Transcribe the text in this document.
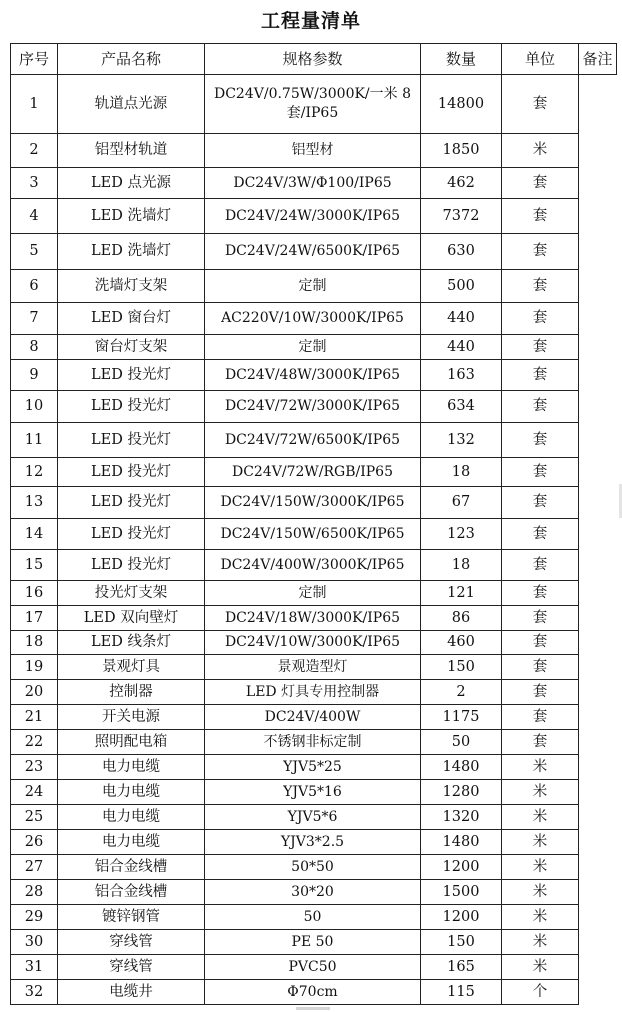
工程量清单
序号	产品名称	规格参数	数量	单位	备注
1	轨道点光源	DC24V/0.75W/3000K/一米 8套/IP65	14800	套	
2	铝型材轨道	铝型材	1850	米	
3	LED 点光源	DC24V/3W/Φ100/IP65	462	套	
4	LED 洗墙灯	DC24V/24W/3000K/IP65	7372	套	
5	LED 洗墙灯	DC24V/24W/6500K/IP65	630	套	
6	洗墙灯支架	定制	500	套	
7	LED 窗台灯	AC220V/10W/3000K/IP65	440	套	
8	窗台灯支架	定制	440	套	
9	LED 投光灯	DC24V/48W/3000K/IP65	163	套	
10	LED 投光灯	DC24V/72W/3000K/IP65	634	套	
11	LED 投光灯	DC24V/72W/6500K/IP65	132	套	
12	LED 投光灯	DC24V/72W/RGB/IP65	18	套	
13	LED 投光灯	DC24V/150W/3000K/IP65	67	套	
14	LED 投光灯	DC24V/150W/6500K/IP65	123	套	
15	LED 投光灯	DC24V/400W/3000K/IP65	18	套	
16	投光灯支架	定制	121	套	
17	LED 双向壁灯	DC24V/18W/3000K/IP65	86	套	
18	LED 线条灯	DC24V/10W/3000K/IP65	460	套	
19	景观灯具	景观造型灯	150	套	
20	控制器	LED 灯具专用控制器	2	套	
21	开关电源	DC24V/400W	1175	套	
22	照明配电箱	不锈钢非标定制	50	套	
23	电力电缆	YJV5*25	1480	米	
24	电力电缆	YJV5*16	1280	米	
25	电力电缆	YJV5*6	1320	米	
26	电力电缆	YJV3*2.5	1480	米	
27	铝合金线槽	50*50	1200	米	
28	铝合金线槽	30*20	1500	米	
29	镀锌钢管	50	1200	米	
30	穿线管	PE 50	150	米	
31	穿线管	PVC50	165	米	
32	电缆井	Φ70cm	115	个	
